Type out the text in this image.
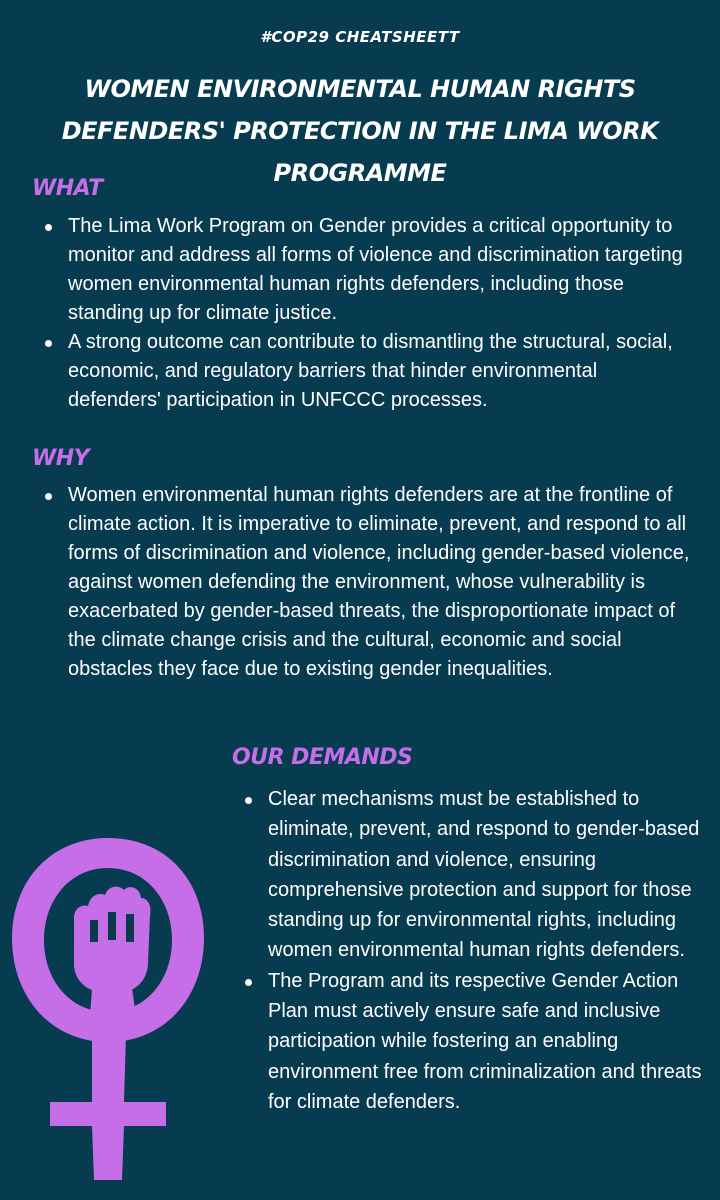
#COP29 CHEATSHEETT
WOMEN ENVIRONMENTAL HUMAN RIGHTS DEFENDERS' PROTECTION IN THE LIMA WORK PROGRAMME
WHAT
The Lima Work Program on Gender provides a critical opportunity to monitor and address all forms of violence and discrimination targeting women environmental human rights defenders, including those standing up for climate justice.
A strong outcome can contribute to dismantling the structural, social, economic, and regulatory barriers that hinder environmental defenders' participation in UNFCCC processes.
WHY
Women environmental human rights defenders are at the frontline of climate action. It is imperative to eliminate, prevent, and respond to all forms of discrimination and violence, including gender-based violence, against women defending the environment, whose vulnerability is exacerbated by gender-based threats, the disproportionate impact of the climate change crisis and the cultural, economic and social obstacles they face due to existing gender inequalities.
OUR DEMANDS
Clear mechanisms must be established to eliminate, prevent, and respond to gender-based discrimination and violence, ensuring comprehensive protection and support for those standing up for environmental rights, including women environmental human rights defenders.
The Program and its respective Gender Action Plan must actively ensure safe and inclusive participation while fostering an enabling environment free from criminalization and threats for climate defenders.
